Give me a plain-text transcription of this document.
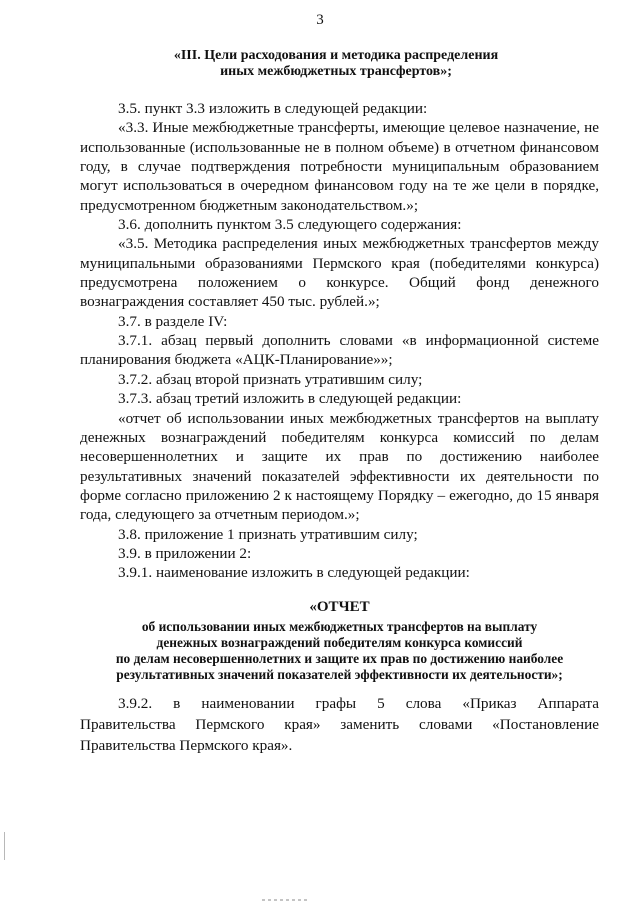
3
«III. Цели расходования и методика распределения
иных межбюджетных трансфертов»;

3.5. пункт 3.3 изложить в следующей редакции:

«3.3. Иные межбюджетные трансферты, имеющие целевое назначение, не использованные (использованные не в полном объеме) в отчетном финансовом году, в случае подтверждения потребности муниципальным образованием могут использоваться в очередном финансовом году на те же цели в порядке, предусмотренном бюджетным законодательством.»;

3.6. дополнить пунктом 3.5 следующего содержания:

«3.5. Методика распределения иных межбюджетных трансфертов между муниципальными образованиями Пермского края (победителями конкурса) предусмотрена положением о конкурсе. Общий фонд денежного вознаграждения составляет 450 тыс. рублей.»;

3.7. в разделе IV:

3.7.1. абзац первый дополнить словами «в информационной системе планирования бюджета «АЦК-Планирование»»;

3.7.2. абзац второй признать утратившим силу;

3.7.3. абзац третий изложить в следующей редакции:

«отчет об использовании иных межбюджетных трансфертов на выплату денежных вознаграждений победителям конкурса комиссий по делам несовершеннолетних и защите их прав по достижению наиболее результативных значений показателей эффективности их деятельности по форме согласно приложению 2 к настоящему Порядку – ежегодно, до 15 января года, следующего за отчетным периодом.»;

3.8. приложение 1 признать утратившим силу;

3.9. в приложении 2:

3.9.1. наименование изложить в следующей редакции:

«ОТЧЕТ
об использовании иных межбюджетных трансфертов на выплату
денежных вознаграждений победителям конкурса комиссий
по делам несовершеннолетних и защите их прав по достижению наиболее
результативных значений показателей эффективности их деятельности»;

3.9.2. в наименовании графы 5 слова «Приказ Аппарата

Правительства Пермского края» заменить словами «Постановление

Правительства Пермского края».
